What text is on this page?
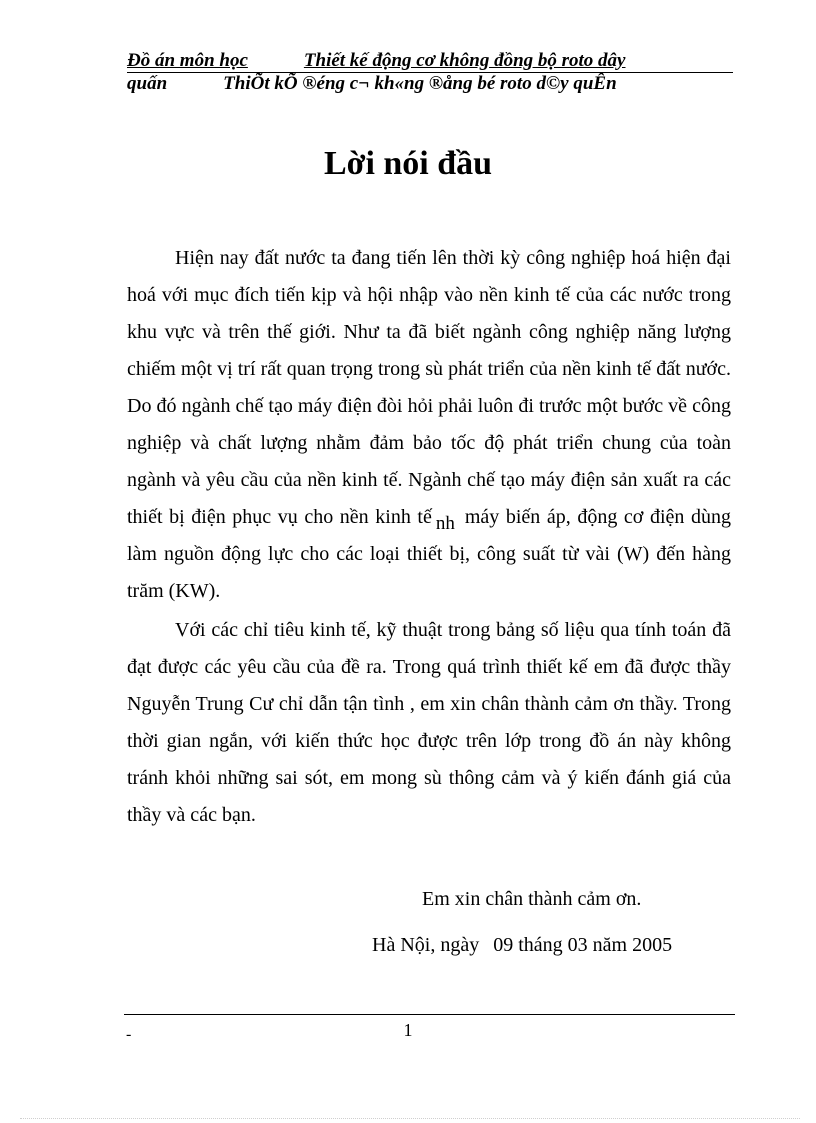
Đồ án môn học	Thiết kế động cơ không đồng bộ roto dây
quấn	ThiÕt kÕ ®éng c¬ kh«ng ®ång bé roto d©y quÊn
Lời nói đầu

Hiện nay đất nước ta đang tiến lên thời kỳ công nghiệp hoá hiện đại hoá với mục đích tiến kịp và hội nhập vào nền kinh tế của các nước trong khu vực và trên thế giới. Như ta đã biết ngành công nghiệp năng lượng chiếm một vị trí rất quan trọng trong sù phát triển của nền kinh tế đất nước. Do đó ngành chế tạo máy điện đòi hỏi phải luôn đi trước một bước về công nghiệp và chất lượng nhằm đảm bảo tốc độ phát triển chung của toàn ngành và yêu cầu của nền kinh tế. Ngành chế tạo máy điện sản xuất ra các thiết bị điện phục vụ cho nền kinh tế nh máy biến áp, động cơ điện dùng làm nguồn động lực cho các loại thiết bị, công suất từ vài (W) đến hàng trăm (KW).

Với các chỉ tiêu kinh tế, kỹ thuật trong bảng số liệu qua tính toán đã đạt được các yêu cầu của đề ra. Trong quá trình thiết kế em đã được thầy Nguyễn Trung Cư chỉ dẫn tận tình , em xin chân thành cảm ơn thầy. Trong thời gian ngắn, với kiến thức học được trên lớp trong đồ án này không tránh khỏi những sai sót, em mong sù thông cảm và ý kiến đánh giá của thầy và các bạn.

Em xin chân thành cảm ơn.
Hà Nội, ngày 09 tháng 03 năm 2005
-	1
